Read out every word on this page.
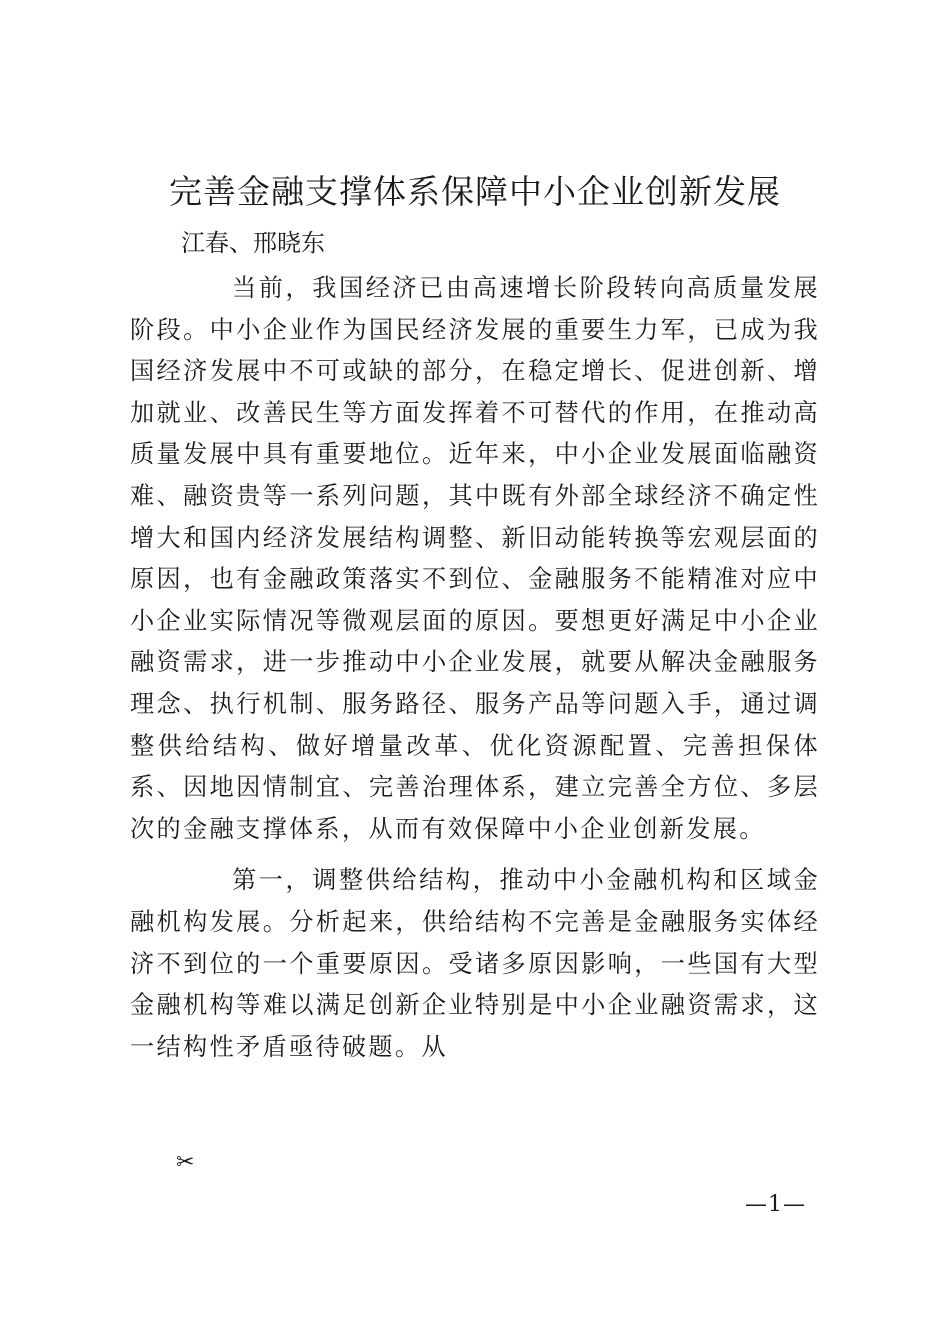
完善金融支撑体系保障中小企业创新发展

江春、邢晓东

当前，我国经济已由高速增长阶段转向高质量发展阶段。中小企业作为国民经济发展的重要生力军，已成为我国经济发展中不可或缺的部分，在稳定增长、促进创新、增加就业、改善民生等方面发挥着不可替代的作用，在推动高质量发展中具有重要地位。近年来，中小企业发展面临融资难、融资贵等一系列问题，其中既有外部全球经济不确定性增大和国内经济发展结构调整、新旧动能转换等宏观层面的原因，也有金融政策落实不到位、金融服务不能精准对应中小企业实际情况等微观层面的原因。要想更好满足中小企业融资需求，进一步推动中小企业发展，就要从解决金融服务理念、执行机制、服务路径、服务产品等问题入手，通过调整供给结构、做好增量改革、优化资源配置、完善担保体系、因地因情制宜、完善治理体系，建立完善全方位、多层次的金融支撑体系，从而有效保障中小企业创新发展。

第一，调整供给结构，推动中小金融机构和区域金融机构发展。分析起来，供给结构不完善是金融服务实体经济不到位的一个重要原因。受诸多原因影响，一些国有大型金融机构等难以满足创新企业特别是中小企业融资需求，这一结构性矛盾亟待破题。从

✂
—1—
